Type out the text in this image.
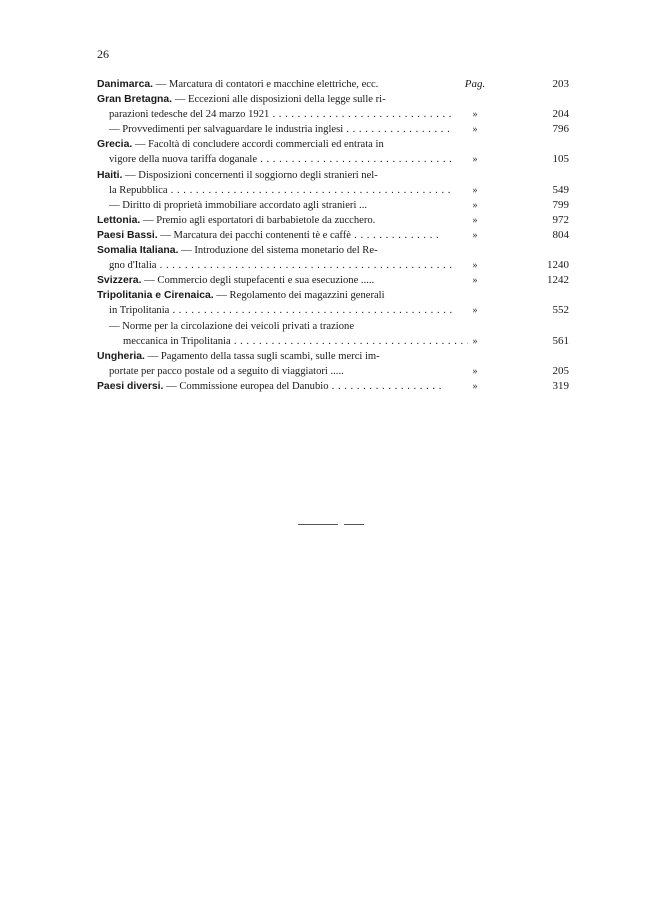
26
Danimarca. — Marcatura di contatori e macchine elettriche, ecc.	Pag.	203
Gran Bretagna. — Eccezioni alle disposizioni della legge sulle ri-
parazioni tedesche del 24 marzo 1921 . . .	»	204
— Provvedimenti per salvaguardare le industria inglesi . . .	»	796
Grecia. — Facoltà di concludere accordi commerciali ed entrata in
vigore della nuova tariffa doganale . . .	»	105
Haiti. — Disposizioni concernenti il soggiorno degli stranieri nel-
la Repubblica . . .	»	549
— Diritto di proprietà immobiliare accordato agli stranieri ...	»	799
Lettonia. — Premio agli esportatori di barbabietole da zucchero.	»	972
Paesi Bassi. — Marcatura dei pacchi contenenti tè e caffè . . .	»	804
Somalia Italiana. — Introduzione del sistema monetario del Re-
gno d'Italia . . .	»	1240
Svizzera. — Commercio degli stupefacenti e sua esecuzione .....	»	1242
Tripolitania e Cirenaica. — Regolamento dei magazzini generali
in Tripolitania . . .	»	552
— Norme per la circolazione dei veicoli privati a trazione
meccanica in Tripolitania . . .	»	561
Ungheria. — Pagamento della tassa sugli scambi, sulle merci im-
portate per pacco postale od a seguito di viaggiatori .....	»	205
Paesi diversi. — Commissione europea del Danubio . . .	»	319
